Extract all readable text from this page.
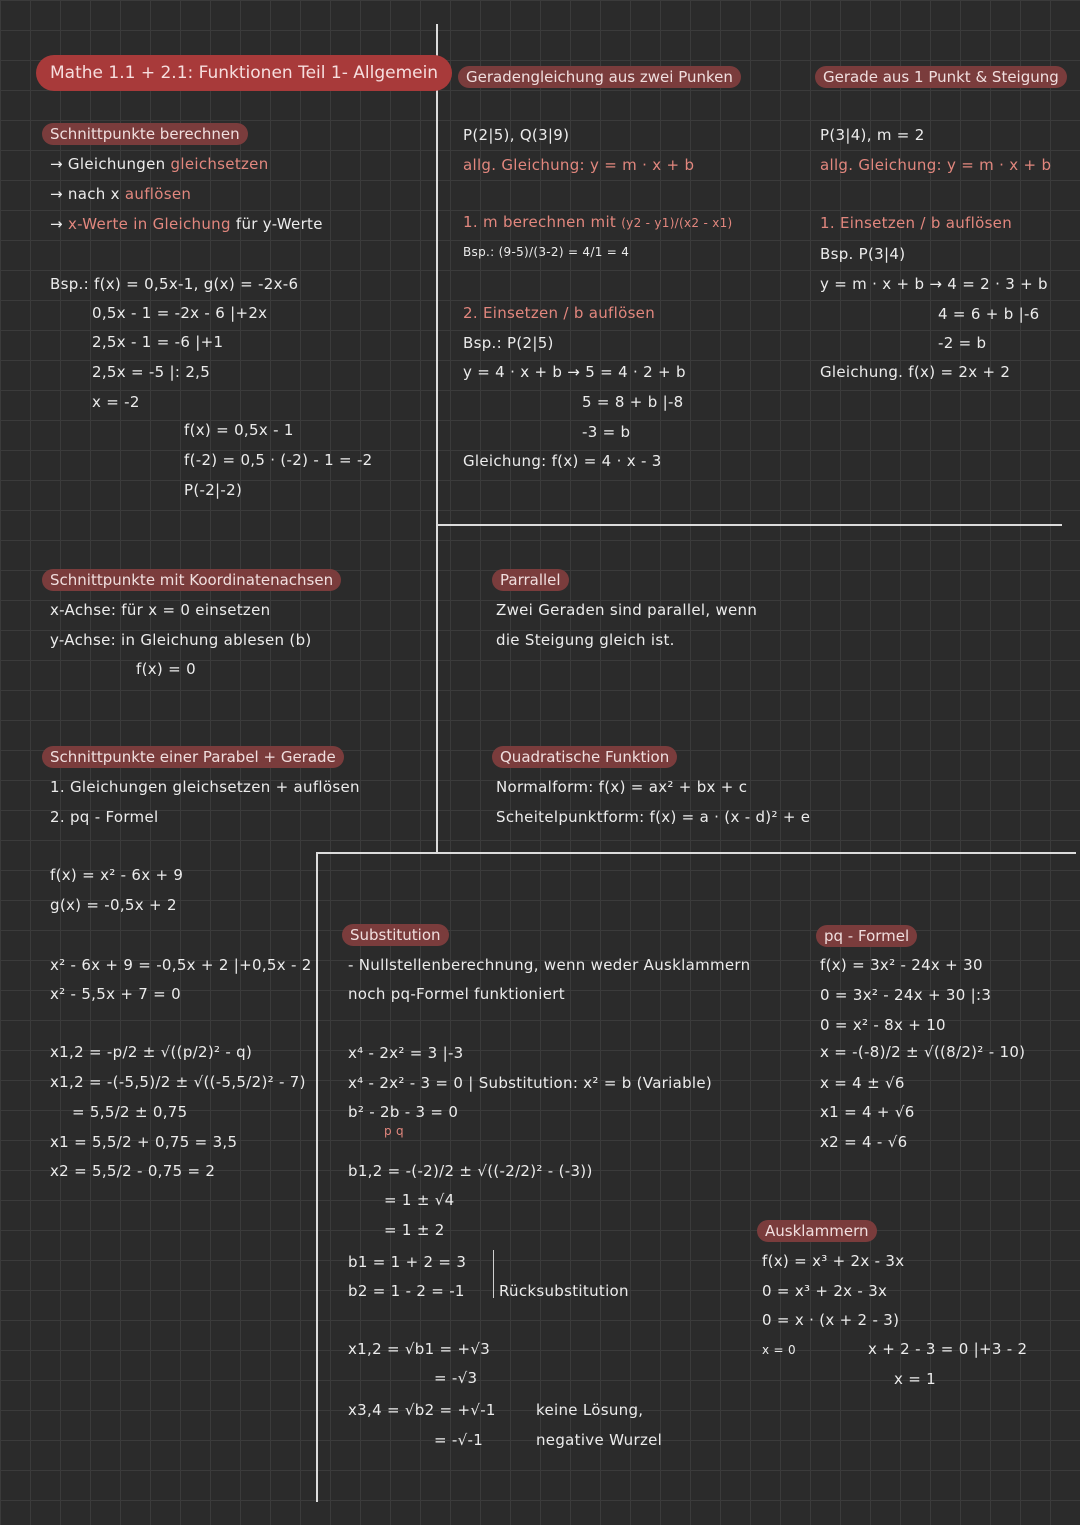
Mathe 1.1 + 2.1: Funktionen Teil 1- Allgemein
Schnittpunkte berechnen
→ Gleichungen gleichsetzen
→ nach x auflösen
→ x-Werte in Gleichung für y-Werte
Bsp.: f(x) = 0,5x-1, g(x) = -2x-6
0,5x - 1 = -2x - 6 |+2x
2,5x - 1 = -6 |+1
2,5x = -5 |: 2,5
x = -2
f(x) = 0,5x - 1
f(-2) = 0,5 · (-2) - 1 = -2
P(-2|-2)
Schnittpunkte mit Koordinatenachsen
x-Achse: für x = 0 einsetzen
y-Achse: in Gleichung ablesen (b)
f(x) = 0
Schnittpunkte einer Parabel + Gerade
1. Gleichungen gleichsetzen + auflösen
2. pq - Formel
f(x) = x² - 6x + 9
g(x) = -0,5x + 2
x² - 6x + 9 = -0,5x + 2 |+0,5x - 2
x² - 5,5x + 7 = 0
x1,2 = -p/2 ± √((p/2)² - q)
x1,2 = -(-5,5)/2 ± √((-5,5/2)² - 7)
= 5,5/2 ± 0,75
x1 = 5,5/2 + 0,75 = 3,5
x2 = 5,5/2 - 0,75 = 2
Geradengleichung aus zwei Punken
P(2|5), Q(3|9)
allg. Gleichung: y = m · x + b
1. m berechnen mit (y2 - y1)/(x2 - x1)
Bsp.: (9-5)/(3-2) = 4/1 = 4
2. Einsetzen / b auflösen
Bsp.: P(2|5)
y = 4 · x + b → 5 = 4 · 2 + b
5 = 8 + b |-8
-3 = b
Gleichung: f(x) = 4 · x - 3
Parrallel
Zwei Geraden sind parallel, wenn
die Steigung gleich ist.
Quadratische Funktion
Normalform: f(x) = ax² + bx + c
Scheitelpunktform: f(x) = a · (x - d)² + e
Gerade aus 1 Punkt & Steigung
P(3|4), m = 2
allg. Gleichung: y = m · x + b
1. Einsetzen / b auflösen
Bsp. P(3|4)
y = m · x + b → 4 = 2 · 3 + b
4 = 6 + b |-6
-2 = b
Gleichung. f(x) = 2x + 2
Substitution
- Nullstellenberechnung, wenn weder Ausklammern
noch pq-Formel funktioniert
x⁴ - 2x² = 3 |-3
x⁴ - 2x² - 3 = 0 | Substitution: x² = b (Variable)
b² - 2b - 3 = 0
p q
b1,2 = -(-2)/2 ± √((-2/2)² - (-3))
= 1 ± √4
= 1 ± 2
b1 = 1 + 2 = 3
b2 = 1 - 2 = -1 Rücksubstitution
x1,2 = √b1 = +√3
= -√3
x3,4 = √b2 = +√-1
= -√-1
keine Lösung,
negative Wurzel
pq - Formel
f(x) = 3x² - 24x + 30
0 = 3x² - 24x + 30 |:3
0 = x² - 8x + 10
x = -(-8)/2 ± √((8/2)² - 10)
x = 4 ± √6
x1 = 4 + √6
x2 = 4 - √6
Ausklammern
f(x) = x³ + 2x - 3x
0 = x³ + 2x - 3x
0 = x · (x + 2 - 3)
x = 0	x + 2 - 3 = 0 |+3 - 2
x = 1
